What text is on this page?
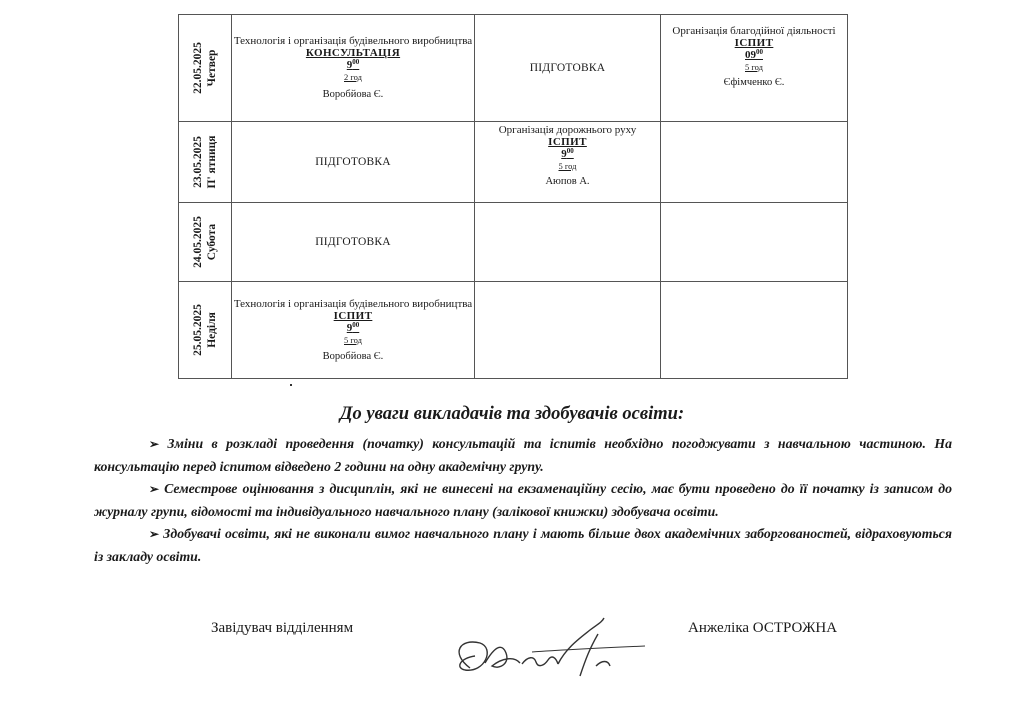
22.05.2025 Четвер	Технологія і організація будівельного виробництва
КОНСУЛЬТАЦІЯ
$9^{00}$
2 год
Воробйова Є.	ПІДГОТОВКА	Організація благодійної діяльності
ІСПИТ
$09^{00}$
5 год
Єфімченко Є.

23.05.2025 П' ятниця	ПІДГОТОВКА	Організація дорожнього руху
ІСПИТ
$9^{00}$
5 год
Аюпов А.	

24.05.2025 Субота	ПІДГОТОВКА		

25.05.2025 Неділя	Технологія і організація будівельного виробництва
ІСПИТ
$9^{00}$
5 год
Воробйова Є.		

До уваги викладачів та здобувачів освіти:

➢ Зміни в розкладі проведення (початку) консультацій та іспитів необхідно погоджувати з навчальною частиною. На консультацію перед іспитом відведено 2 години на одну академічну групу.

➢ Семестрове оцінювання з дисциплін, які не винесені на екзаменаційну сесію, має бути проведено до її початку із записом до журналу групи, відомості та індивідуального навчального плану (залікової книжки) здобувача освіти.

➢ Здобувачі освіти, які не виконали вимог навчального плану і мають більше двох академічних заборгованостей, відраховуються із закладу освіти.

Завідувач відділенням	Анжеліка ОСТРОЖНА
